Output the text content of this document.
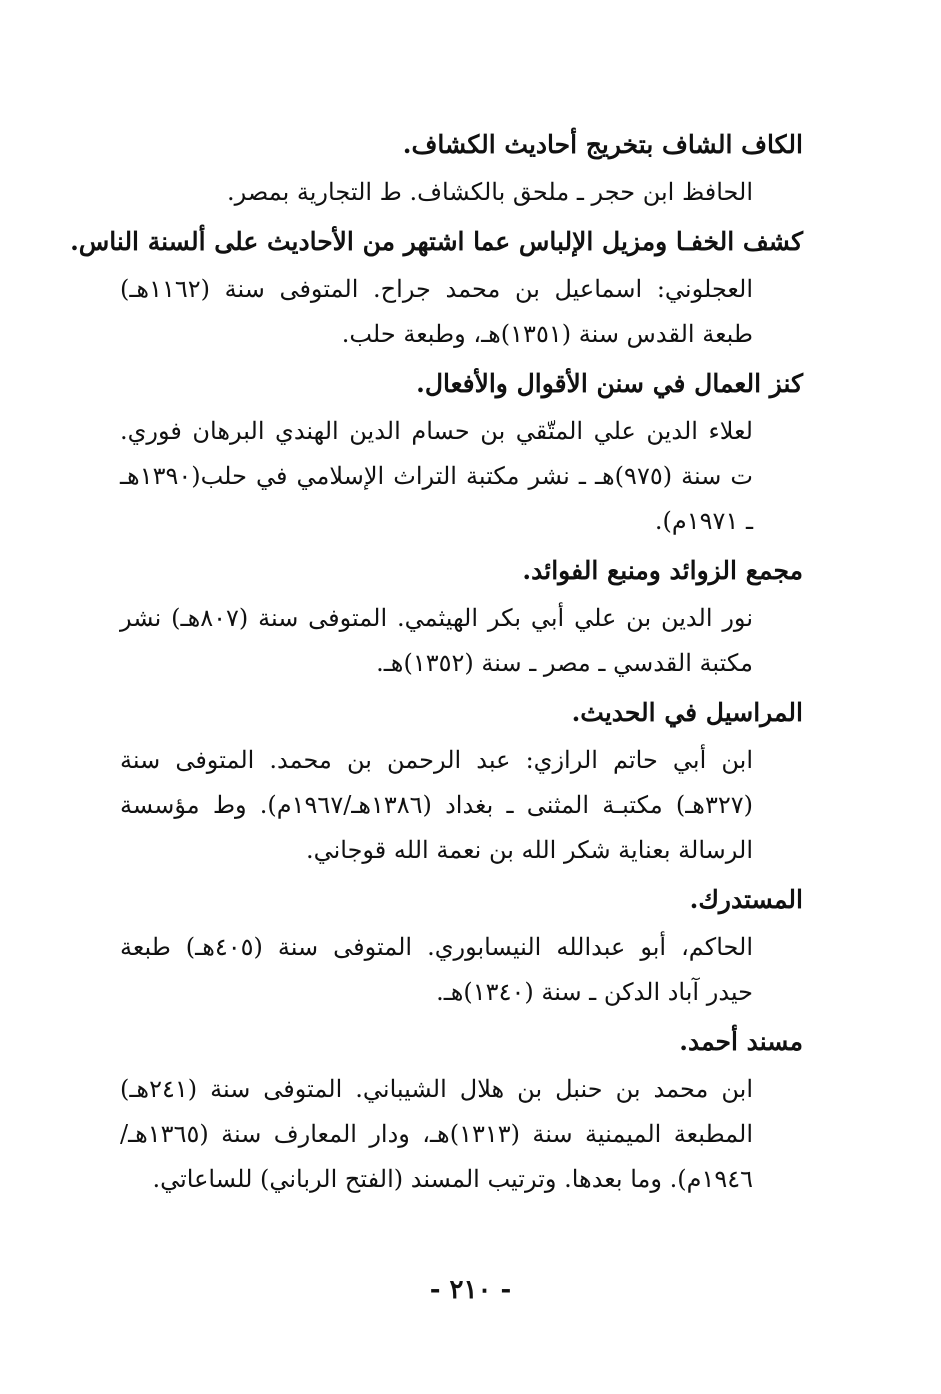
الكاف الشاف بتخريج أحاديث الكشاف.

الحافظ ابن حجر ـ ملحق بالكشاف. ط التجارية بمصر.

كشف الخفـا ومزيل الإلباس عما اشتهر من الأحاديث على ألسنة الناس.

العجلوني: اسماعيل بن محمد جراح. المتوفى سنة (١١٦٢هـ) طبعة القدس سنة (١٣٥١)هـ، وطبعة حلب.

كنز العمال في سنن الأقوال والأفعال.

لعلاء الدين علي المتّقي بن حسام الدين الهندي البرهان فوري. ت سنة (٩٧٥)هـ ـ نشر مكتبة التراث الإسلامي في حلب(١٣٩٠هـ ـ ١٩٧١م).

مجمع الزوائد ومنبع الفوائد.

نور الدين بن علي أبي بكر الهيثمي. المتوفى سنة (٨٠٧هـ) نشر مكتبة القدسي ـ مصر ـ سنة (١٣٥٢)هـ.

المراسيل في الحديث.

ابن أبي حاتم الرازي: عبد الرحمن بن محمد. المتوفى سنة (٣٢٧هـ) مكتبـة المثنى ـ بغداد (١٣٨٦هـ/١٩٦٧م). وط مؤسسة الرسالة بعناية شكر الله بن نعمة الله قوجاني.

المستدرك.

الحاكم، أبو عبدالله النيسابوري. المتوفى سنة (٤٠٥هـ) طبعة حيدر آباد الدكن ـ سنة (١٣٤٠)هـ.

مسند أحمد.

ابن محمد بن حنبل بن هلال الشيباني. المتوفى سنة (٢٤١هـ) المطبعة الميمنية سنة (١٣١٣)هـ، ودار المعارف سنة (١٣٦٥هـ/١٩٤٦م). وما بعدها. وترتيب المسند (الفتح الرباني) للساعاتي.

- ٢١٠ -
